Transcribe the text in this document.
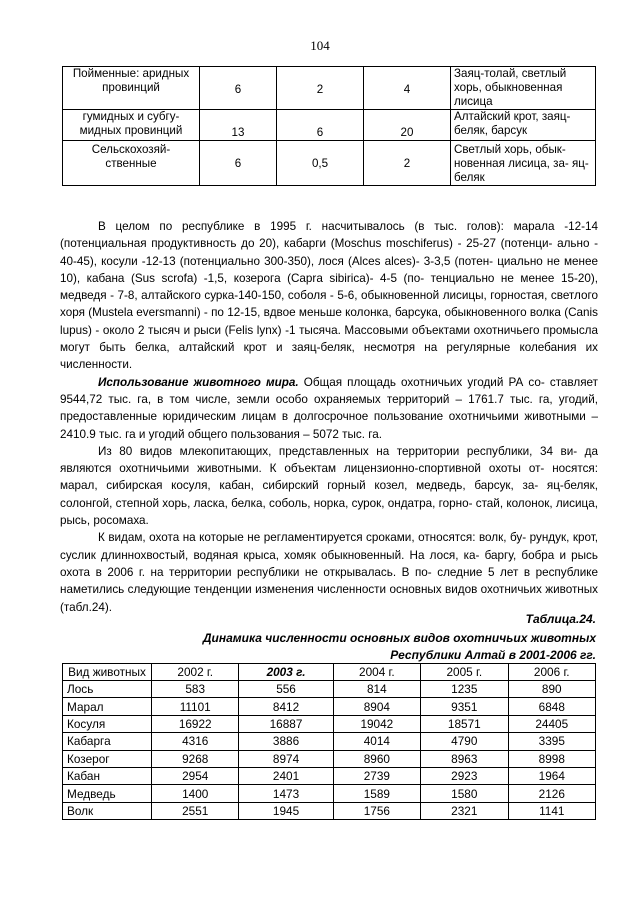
104
Пойменные: аридных провинций	6	2	4	Заяц-толай, светлый хорь, обыкновенная лисица
гумидных и субгу- мидных провинций	13	6	20	Алтайский крот, заяц-беляк, барсук
Сельскохозяй- ственные	6	0,5	2	Светлый хорь, обык- новенная лисица, за- яц-беляк

В целом по республике в 1995 г. насчитывалось (в тыс. голов): марала -12-14 (потенциальная продуктивность до 20), кабарги (Moschus moschiferus) - 25-27 (потенци- ально - 40-45), косули -12-13 (потенциально 300-350), лося (Alces alces)- 3-3,5 (потен- циально не менее 10), кабана (Sus scrofa) -1,5, козерога (Capra sibirica)- 4-5 (по- тенциально не менее 15-20), медведя - 7-8, алтайского сурка-140-150, соболя - 5-6, обыкновенной лисицы, горностая, светлого хоря (Mustela eversmanni) - по 12-15, вдвое меньше колонка, барсука, обыкновенного волка (Canis lupus) - около 2 тысяч и рыси (Felis lynx) -1 тысяча. Массовыми объектами охотничьего промысла могут быть белка, алтайский крот и заяц-беляк, несмотря на регулярные колебания их численности.

Использование животного мира. Общая площадь охотничьих угодий РА со- ставляет 9544,72 тыс. га, в том числе, земли особо охраняемых территорий – 1761.7 тыс. га, угодий, предоставленные юридическим лицам в долгосрочное пользование охотничьими животными – 2410.9 тыс. га и угодий общего пользования – 5072 тыс. га.

Из 80 видов млекопитающих, представленных на территории республики, 34 ви- да являются охотничьими животными. К объектам лицензионно-спортивной охоты от- носятся: марал, сибирская косуля, кабан, сибирский горный козел, медведь, барсук, за- яц-беляк, солонгой, степной хорь, ласка, белка, соболь, норка, сурок, ондатра, горно- стай, колонок, лисица, рысь, росомаха.

К видам, охота на которые не регламентируется сроками, относятся: волк, бу- рундук, крот, суслик длиннохвостый, водяная крыса, хомяк обыкновенный. На лося, ка- баргу, бобра и рысь охота в 2006 г. на территории республики не открывалась. В по- следние 5 лет в республике наметились следующие тенденции изменения численности основных видов охотничьих животных (табл.24).

Таблица.24.
Динамика численности основных видов охотничьих животных
Республики Алтай в 2001-2006 гг.
Вид животных	2002 г.	2003 г.	2004 г.	2005 г.	2006 г.
Лось	583	556	814	1235	890
Марал	11101	8412	8904	9351	6848
Косуля	16922	16887	19042	18571	24405
Кабарга	4316	3886	4014	4790	3395
Козерог	9268	8974	8960	8963	8998
Кабан	2954	2401	2739	2923	1964
Медведь	1400	1473	1589	1580	2126
Волк	2551	1945	1756	2321	1141
